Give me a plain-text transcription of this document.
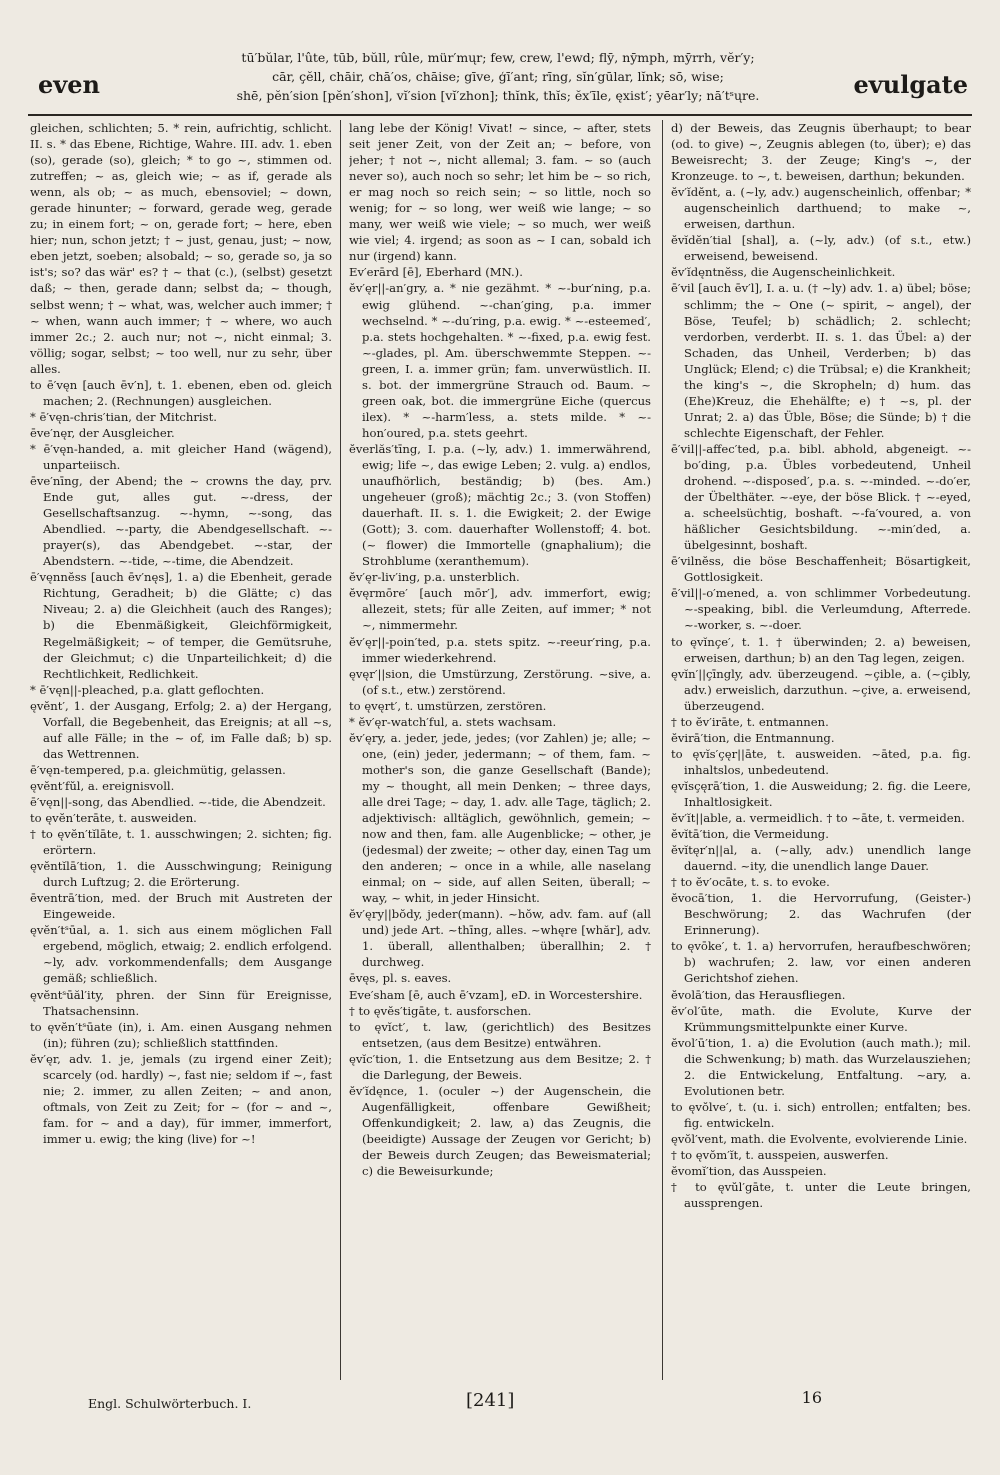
even
tū′bŭlar, l'ûte, tūb, bŭll, rûle, mür′mųr; few, crew, l'ewd; flȳ, nȳmph, mȳrrh, vĕr′y;
cār, çĕll, chāir, chā′os, chāise; gīve, ģī′ant; rīng, sĭn′gūlar, lĭnk; sō, wise;
shē, pĕn′sion [pĕn′shon], vĭ′sion [vĭ′zhon]; thĭnk, thĭs; ĕx′īle, ęxist′; yēar′ly; nā′tˢųre.	evulgate

gleichen, schlichten; 5. * rein, aufrichtig, schlicht. II. s. * das Ebene, Richtige, Wahre. III. adv. 1. eben (so), gerade (so), gleich; * to go ~, stimmen od. zutreffen; ~ as, gleich wie; ~ as if, gerade als wenn, als ob; ~ as much, ebensoviel; ~ down, gerade hinunter; ~ forward, gerade weg, gerade zu; in einem fort; ~ on, gerade fort; ~ here, eben hier; nun, schon jetzt; † ~ just, genau, just; ~ now, eben jetzt, soeben; alsobald; ~ so, gerade so, ja so ist's; so? das wär' es? † ~ that (c.), (selbst) gesetzt daß; ~ then, gerade dann; selbst da; ~ though, selbst wenn; † ~ what, was, welcher auch immer; † ~ when, wann auch immer; † ~ where, wo auch immer 2c.; 2. auch nur; not ~, nicht einmal; 3. völlig; sogar, selbst; ~ too well, nur zu sehr, über alles.

to ē′vęn [auch ēv′n], t. 1. ebenen, eben od. gleich machen; 2. (Rechnungen) ausgleichen.

* ē′vęn-chris′tian, der Mitchrist.

ēve′nęr, der Ausgleicher.

* ē′vęn-handed, a. mit gleicher Hand (wägend), unparteiisch.

ēve′nīng, der Abend; the ~ crowns the day, prv. Ende gut, alles gut. ~-dress, der Gesellschaftsanzug. ~-hymn, ~-song, das Abendlied. ~-party, die Abendgesellschaft. ~-prayer(s), das Abendgebet. ~-star, der Abendstern. ~-tide, ~-time, die Abendzeit.

ē′vęnnĕss [auch ēv′nęs], 1. a) die Ebenheit, gerade Richtung, Geradheit; b) die Glätte; c) das Niveau; 2. a) die Gleichheit (auch des Ranges); b) die Ebenmäßigkeit, Gleichförmigkeit, Regelmäßigkeit; ~ of temper, die Gemütsruhe, der Gleichmut; c) die Unparteilichkeit; d) die Rechtlichkeit, Redlichkeit.

* ē′vęn||-pleached, p.a. glatt geflochten.

ęvĕnt′, 1. der Ausgang, Erfolg; 2. a) der Hergang, Vorfall, die Begebenheit, das Ereignis; at all ~s, auf alle Fälle; in the ~ of, im Falle daß; b) sp. das Wettrennen.

ē′vęn-tempered, p.a. gleichmütig, gelassen.

ęvĕnt′fŭl, a. ereignisvoll.

ē′vęn||-song, das Abendlied. ~-tide, die Abendzeit.

to ęvĕn′terāte, t. ausweiden.

† to ęvĕn′tĭlāte, t. 1. ausschwingen; 2. sichten; fig. erörtern.

ęvĕntĭlā′tion, 1. die Ausschwingung; Reinigung durch Luftzug; 2. die Erörterung.

ēventrā′tion, med. der Bruch mit Austreten der Eingeweide.

ęvĕn′tˢūal, a. 1. sich aus einem möglichen Fall ergebend, möglich, etwaig; 2. endlich erfolgend. ~ly, adv. vorkommendenfalls; dem Ausgange gemäß; schließlich.

ęvĕntˢūăl′ity, phren. der Sinn für Ereignisse, Thatsachensinn.

to ęvĕn′tˢūate (in), i. Am. einen Ausgang nehmen (in); führen (zu); schließlich stattfinden.

ĕv′ęr, adv. 1. je, jemals (zu irgend einer Zeit); scarcely (od. hardly) ~, fast nie; seldom if ~, fast nie; 2. immer, zu allen Zeiten; ~ and anon, oftmals, von Zeit zu Zeit; for ~ (for ~ and ~, fam. for ~ and a day), für immer, immerfort, immer u. ewig; the king (live) for ~!

lang lebe der König! Vivat! ~ since, ~ after, stets seit jener Zeit, von der Zeit an; ~ before, von jeher; † not ~, nicht allemal; 3. fam. ~ so (auch never so), auch noch so sehr; let him be ~ so rich, er mag noch so reich sein; ~ so little, noch so wenig; for ~ so long, wer weiß wie lange; ~ so many, wer weiß wie viele; ~ so much, wer weiß wie viel; 4. irgend; as soon as ~ I can, sobald ich nur (irgend) kann.

Ev′erārd [ē], Eberhard (MN.).

ĕv′ęr||-an′gry, a. * nie gezähmt. * ~-bur′ning, p.a. ewig glühend. ~-chan′ging, p.a. immer wechselnd. * ~-du′ring, p.a. ewig. * ~-esteemed′, p.a. stets hochgehalten. * ~-fixed, p.a. ewig fest. ~-glades, pl. Am. überschwemmte Steppen. ~-green, I. a. immer grün; fam. unverwüstlich. II. s. bot. der immergrüne Strauch od. Baum. ~ green oak, bot. die immergrüne Eiche (quercus ilex). * ~-harm′less, a. stets milde. * ~-hon′oured, p.a. stets geehrt.

ĕverlăs′tīng, I. p.a. (~ly, adv.) 1. immerwährend, ewig; life ~, das ewige Leben; 2. vulg. a) endlos, unaufhörlich, beständig; b) (bes. Am.) ungeheuer (groß); mächtig 2c.; 3. (von Stoffen) dauerhaft. II. s. 1. die Ewigkeit; 2. der Ewige (Gott); 3. com. dauerhafter Wollenstoff; 4. bot. (~ flower) die Immortelle (gnaphalium); die Strohblume (xeranthemum).

ĕv′ęr-liv′ing, p.a. unsterblich.

ĕvęrmōre′ [auch mōr′], adv. immerfort, ewig; allezeit, stets; für alle Zeiten, auf immer; * not ~, nimmermehr.

ĕv′ęr||-poin′ted, p.a. stets spitz. ~-reeur′ring, p.a. immer wiederkehrend.

ęvęr′||sion, die Umstürzung, Zerstörung. ~sive, a. (of s.t., etw.) zerstörend.

to ęvęrt′, t. umstürzen, zerstören.

* ĕv′ęr-watch′ful, a. stets wachsam.

ĕv′ęry, a. jeder, jede, jedes; (vor Zahlen) je; alle; ~ one, (ein) jeder, jedermann; ~ of them, fam. ~ mother's son, die ganze Gesellschaft (Bande); my ~ thought, all mein Denken; ~ three days, alle drei Tage; ~ day, 1. adv. alle Tage, täglich; 2. adjektivisch: alltäglich, gewöhnlich, gemein; ~ now and then, fam. alle Augenblicke; ~ other, je (jedesmal) der zweite; ~ other day, einen Tag um den anderen; ~ once in a while, alle naselang einmal; on ~ side, auf allen Seiten, überall; ~ way, ~ whit, in jeder Hinsicht.

ĕv′ęry||bŏdy, jeder(mann). ~hŏw, adv. fam. auf (all und) jede Art. ~thīng, alles. ~whęre [whăr], adv. 1. überall, allenthalben; überallhin; 2. † durchweg.

ēvęs, pl. s. eaves.

Eve′sham [ē, auch ē′vzam], eD. in Worcestershire.

† to ęvĕs′tigāte, t. ausforschen.

to ęvĭct′, t. law, (gerichtlich) des Besitzes entsetzen, (aus dem Besitze) entwähren.

ęvĭc′tion, 1. die Entsetzung aus dem Besitze; 2. † die Darlegung, der Beweis.

ĕv′ĭdęnce, 1. (oculer ~) der Augenschein, die Augenfälligkeit, offenbare Gewißheit; Offenkundigkeit; 2. law, a) das Zeugnis, die (beeidigte) Aussage der Zeugen vor Gericht; b) der Beweis durch Zeugen; das Beweismaterial; c) die Beweisurkunde;

d) der Beweis, das Zeugnis überhaupt; to bear (od. to give) ~, Zeugnis ablegen (to, über); e) das Beweisrecht; 3. der Zeuge; King's ~, der Kronzeuge. to ~, t. beweisen, darthun; bekunden.

ĕv′ĭdĕnt, a. (~ly, adv.) augenscheinlich, offenbar; * augenscheinlich darthuend; to make ~, erweisen, darthun.

ĕvĭdĕn′tial [shal], a. (~ly, adv.) (of s.t., etw.) erweisend, beweisend.

ĕv′ĭdęntnĕss, die Augenscheinlichkeit.

ē′vil [auch ēv′l], I. a. u. († ~ly) adv. 1. a) übel; böse; schlimm; the ~ One (~ spirit, ~ angel), der Böse, Teufel; b) schädlich; 2. schlecht; verdorben, verderbt. II. s. 1. das Übel: a) der Schaden, das Unheil, Verderben; b) das Unglück; Elend; c) die Trübsal; e) die Krankheit; the king's ~, die Skropheln; d) hum. das (Ehe)Kreuz, die Ehehälfte; e) † ~s, pl. der Unrat; 2. a) das Üble, Böse; die Sünde; b) † die schlechte Eigenschaft, der Fehler.

ē′vil||-affec′ted, p.a. bibl. abhold, abgeneigt. ~-bo′ding, p.a. Übles vorbedeutend, Unheil drohend. ~-disposed′, p.a. s. ~-minded. ~-do′er, der Übelthäter. ~-eye, der böse Blick. † ~-eyed, a. scheelsüchtig, boshaft. ~-fa′voured, a. von häßlicher Gesichtsbildung. ~-min′ded, a. übelgesinnt, boshaft.

ē′vilnĕss, die böse Beschaffenheit; Bösartigkeit, Gottlosigkeit.

ē′vil||-o′mened, a. von schlimmer Vorbedeutung. ~-speaking, bibl. die Verleumdung, Afterrede. ~-worker, s. ~-doer.

to ęvĭnçe′, t. 1. † überwinden; 2. a) beweisen, erweisen, darthun; b) an den Tag legen, zeigen.

ęvĭn′||çīngly, adv. überzeugend. ~çible, a. (~çibly, adv.) erweislich, darzuthun. ~çive, a. erweisend, überzeugend.

† to ĕv′irāte, t. entmannen.

ĕvirā′tion, die Entmannung.

to ęvĭs′çęr||āte, t. ausweiden. ~āted, p.a. fig. inhaltslos, unbedeutend.

ęvĭsçęrā′tion, 1. die Ausweidung; 2. fig. die Leere, Inhaltlosigkeit.

ĕv′ĭt||able, a. vermeidlich. † to ~āte, t. vermeiden.

ĕvĭtā′tion, die Vermeidung.

ĕvĭtęr′n||al, a. (~ally, adv.) unendlich lange dauernd. ~ity, die unendlich lange Dauer.

† to ĕv′ocāte, t. s. to evoke.

ĕvocā′tion, 1. die Hervorrufung, (Geister-) Beschwörung; 2. das Wachrufen (der Erinnerung).

to ęvōke′, t. 1. a) hervorrufen, heraufbeschwören; b) wachrufen; 2. law, vor einen anderen Gerichtshof ziehen.

ĕvolā′tion, das Herausfliegen.

ĕv′ol′ūte, math. die Evolute, Kurve der Krümmungsmittelpunkte einer Kurve.

ĕvol′ū′tion, 1. a) die Evolution (auch math.); mil. die Schwenkung; b) math. das Wurzelausziehen; 2. die Entwickelung, Entfaltung. ~ary, a. Evolutionen betr.

to ęvŏlve′, t. (u. i. sich) entrollen; entfalten; bes. fig. entwickeln.

ęvŏl′vent, math. die Evolvente, evolvierende Linie.

† to ęvŏm′ĭt, t. ausspeien, auswerfen.

ĕvomĭ′tion, das Ausspeien.

† to ęvŭl′gāte, t. unter die Leute bringen, aussprengen.

Engl. Schulwörterbuch. I.	[241]	16
